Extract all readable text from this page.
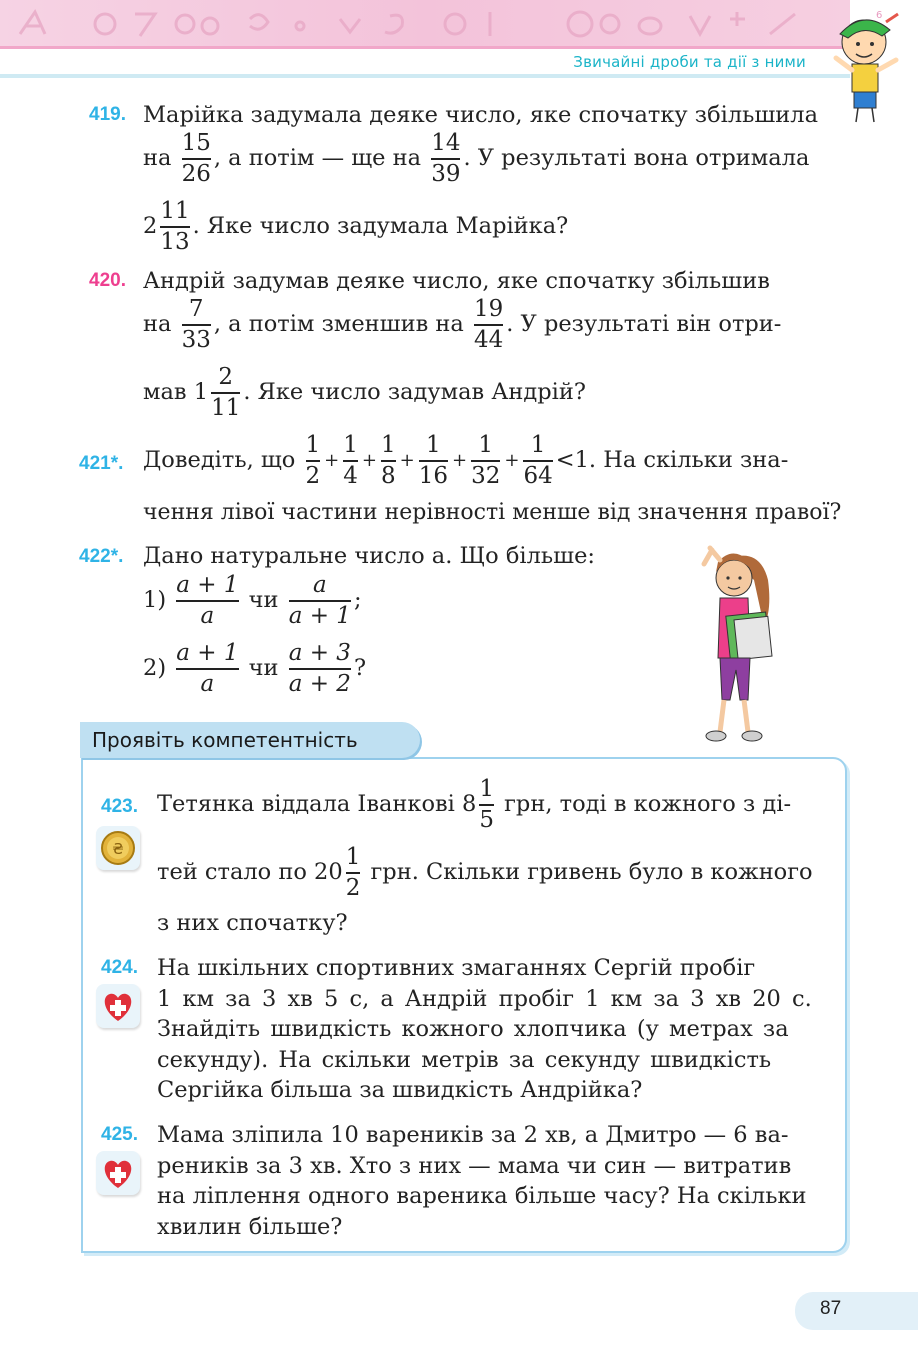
Звичайні дроби та дії з ними
6
419. Марійка задумала деяке число, яке спочатку збільшила
на $\frac{15}{26}$ , а потім — ще на $\frac{14}{39}$ . У результаті вона отримала
$2 \frac{11}{13}$ . Яке число задумала Марійка?
420. Андрій задумав деяке число, яке спочатку збільшив
на $\frac{7}{33}$ , а потім зменшив на $\frac{19}{44}$ . У результаті він отри-
мав $1 \frac{2}{11}$ . Яке число задумав Андрій?
421*. Доведіть, що $\frac{1}{2} + \frac{1}{4} + \frac{1}{8} + \frac{1}{16} + \frac{1}{32} + \frac{1}{64} <1$. На скільки зна-
чення лівої частини нерівності менше від значення правої?
422*. Дано натуральне число а. Що більше:
1)
а + 1
а
чи
а
а + 1
;
2)
а + 1
а
чи
а + 3
а + 2
?
Проявіть компетентність
423.
₴
Тетянка віддала Іванкові $8 \frac{1}{5}$ грн, тоді в кожного з ді-
тей стало по $20 \frac{1}{2}$ грн. Скільки гривень було в кожного
з них спочатку?
424. На шкільних спортивних змаганнях Сергій пробіг
1 км за 3 хв 5 с, а Андрій пробіг 1 км за 3 хв 20 с.
Знайдіть швидкість кожного хлопчика (у метрах за
секунду). На скільки метрів за секунду швидкість
Сергійка більша за швидкість Андрійка?
425. Мама зліпила 10 вареників за 2 хв, а Дмитро — 6 ва-
реників за 3 хв. Хто з них — мама чи син — витратив
на ліплення одного вареника більше часу? На скільки
хвилин більше?
87
